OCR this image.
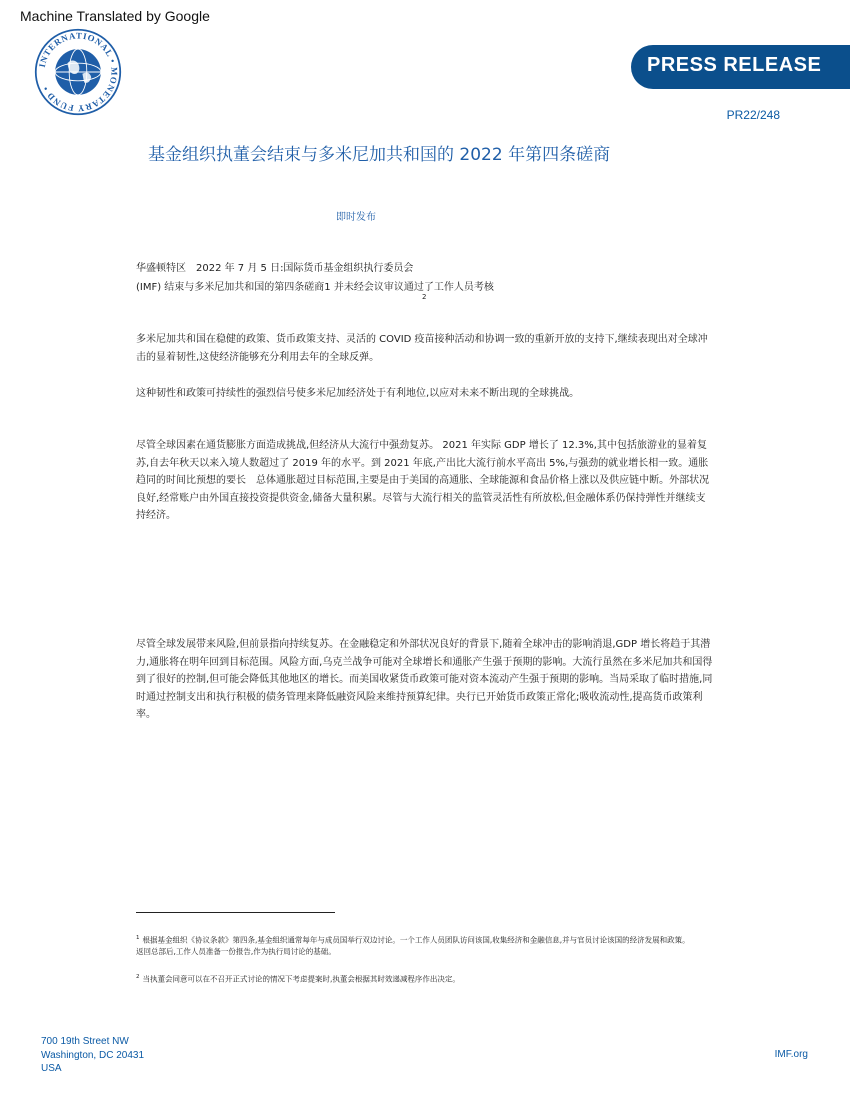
Machine Translated by Google
INTERNATIONAL • MONETARY FUND •
PRESS RELEASE
PR22/248
基金组织执董会结束与多米尼加共和国的 2022 年第四条磋商
即时发布

华盛顿特区　2022 年 7 月 5 日:国际货币基金组织执行委员会

(IMF) 结束与多米尼加共和国的第四条磋商1 并未经会议审议通过了工作人员考核

2

多米尼加共和国在稳健的政策、货币政策支持、灵活的 COVID 疫苗接种活动和协调一致的重新开放的支持下,继续表现出对全球冲击的显着韧性,这使经济能够充分利用去年的全球反弹。

这种韧性和政策可持续性的强烈信号使多米尼加经济处于有利地位,以应对未来不断出现的全球挑战。

尽管全球因素在通货膨胀方面造成挑战,但经济从大流行中强劲复苏。 2021 年实际 GDP 增长了 12.3%,其中包括旅游业的显着复苏,自去年秋天以来入境人数超过了 2019 年的水平。到 2021 年底,产出比大流行前水平高出 5%,与强劲的就业增长相一致。通胀趋同的时间比预想的要长　总体通胀超过目标范围,主要是由于美国的高通胀、全球能源和食品价格上涨以及供应链中断。外部状况良好,经常账户由外国直接投资提供资金,储备大量积累。尽管与大流行相关的监管灵活性有所放松,但金融体系仍保持弹性并继续支持经济。

尽管全球发展带来风险,但前景指向持续复苏。在金融稳定和外部状况良好的背景下,随着全球冲击的影响消退,GDP 增长将趋于其潜力,通胀将在明年回到目标范围。风险方面,乌克兰战争可能对全球增长和通胀产生强于预期的影响。大流行虽然在多米尼加共和国得到了很好的控制,但可能会降低其他地区的增长。而美国收紧货币政策可能对资本流动产生强于预期的影响。当局采取了临时措施,同时通过控制支出和执行积极的债务管理来降低融资风险来维持预算纪律。央行已开始货币政策正常化;吸收流动性,提高货币政策利率。

$^1$ 根据基金组织《协议条款》第四条,基金组织通常每年与成员国举行双边讨论。一个工作人员团队访问该国,收集经济和金融信息,并与官员讨论该国的经济发展和政策。返回总部后,工作人员准备一份报告,作为执行局讨论的基础。
$^2$ 当执董会同意可以在不召开正式讨论的情况下考虑提案时,执董会根据其时效递减程序作出决定。
700 19th Street NW
Washington, DC 20431
USA
IMF.org
